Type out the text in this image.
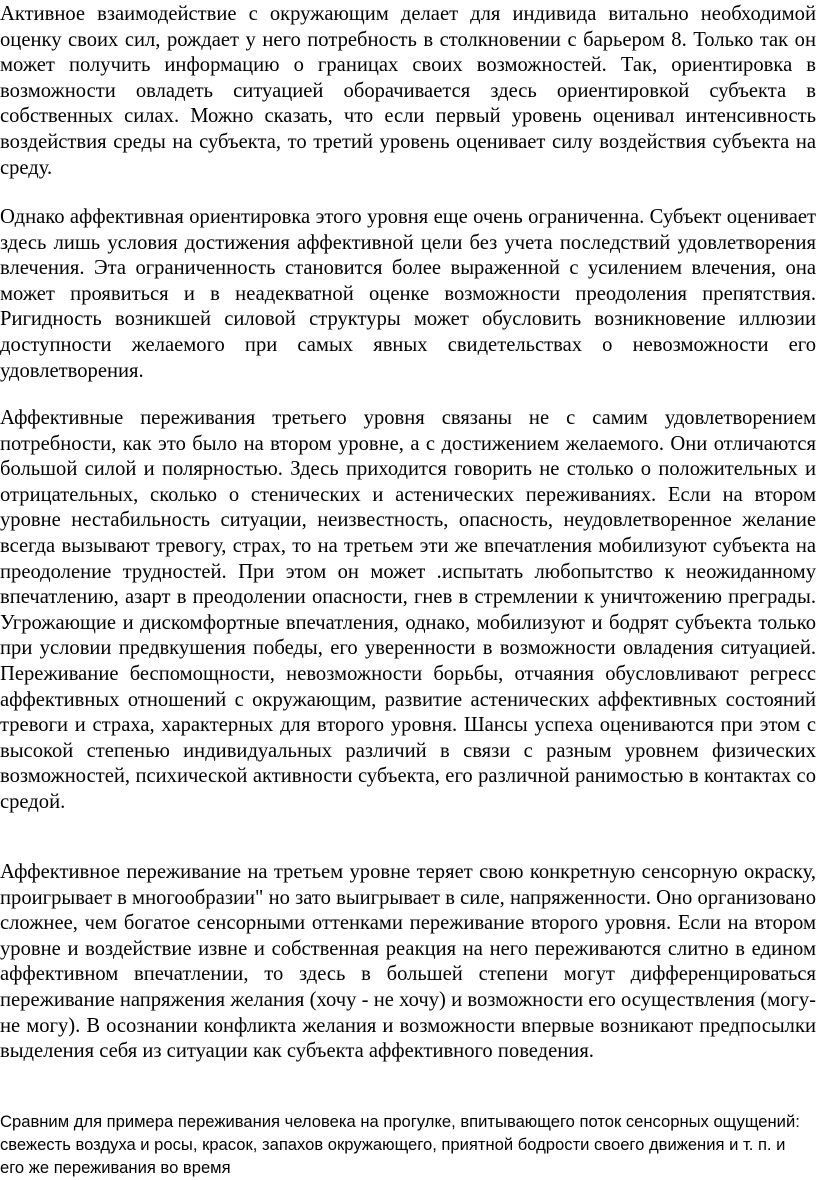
Активное взаимодействие с окружающим делает для индивида витально необходимой оценку своих сил, рождает у него потребность в столкновении с барьером 8. Только так он может получить информацию о границах своих возможностей. Так, ориентировка в возможности овладеть ситуацией оборачивается здесь ориентировкой субъекта в собственных силах. Можно сказать, что если первый уровень оценивал интенсивность воздействия среды на субъекта, то третий уровень оценивает силу воздействия субъекта на среду.

Однако аффективная ориентировка этого уровня еще очень ограниченна. Субъект оценивает здесь лишь условия достижения аффективной цели без учета последствий удовлетворения влечения. Эта ограниченность становится более выраженной с усилением влечения, она может проявиться и в неадекватной оценке возможности преодоления препятствия. Ригидность возникшей силовой структуры может обусловить возникновение иллюзии доступности желаемого при самых явных свидетельствах о невозможности его удовлетворения.

Аффективные переживания третьего уровня связаны не с самим удовлетворением потребности, как это было на втором уровне, а с достижением желаемого. Они отличаются большой силой и полярностью. Здесь приходится говорить не столько о положительных и отрицательных, сколько о стенических и астенических переживаниях. Если на втором уровне нестабильность ситуации, неизвестность, опасность, неудовлетворенное желание всегда вызывают тревогу, страх, то на третьем эти же впечатления мобилизуют субъекта на преодоление трудностей. При этом он может .испытать любопытство к неожиданному впечатлению, азарт в преодолении опасности, гнев в стремлении к уничтожению преграды. Угрожающие и дискомфортные впечатления, однако, мобилизуют и бодрят субъекта только при условии предвкушения победы, его уверенности в возможности овладения ситуацией. Переживание беспомощности, невозможности борьбы, отчаяния обусловливают регресс аффективных отношений с окружающим, развитие астенических аффективных состояний тревоги и страха, характерных для второго уровня. Шансы успеха оцениваются при этом с высокой степенью индивидуальных различий в связи с разным уровнем физических возможностей, психической активности субъекта, его различной ранимостью в контактах со средой.

Аффективное переживание на третьем уровне теряет свою конкретную сенсорную окраску, проигрывает в многообразии" но зато выигрывает в силе, напряженности. Оно организовано сложнее, чем богатое сенсорными оттенками переживание второго уровня. Если на втором уровне и воздействие извне и собственная реакция на него переживаются слитно в едином аффективном впечатлении, то здесь в большей степени могут дифференцироваться переживание напряжения желания (хочу - не хочу) и возможности его осуществления (могу-не могу). В осознании конфликта желания и возможности впервые возникают предпосылки выделения себя из ситуации как субъекта аффективного поведения.

Сравним для примера переживания человека на прогулке, впитывающего поток сенсорных ощущений: свежесть воздуха и росы, красок, запахов окружающего, приятной бодрости своего движения и т. п. и его же переживания во время
